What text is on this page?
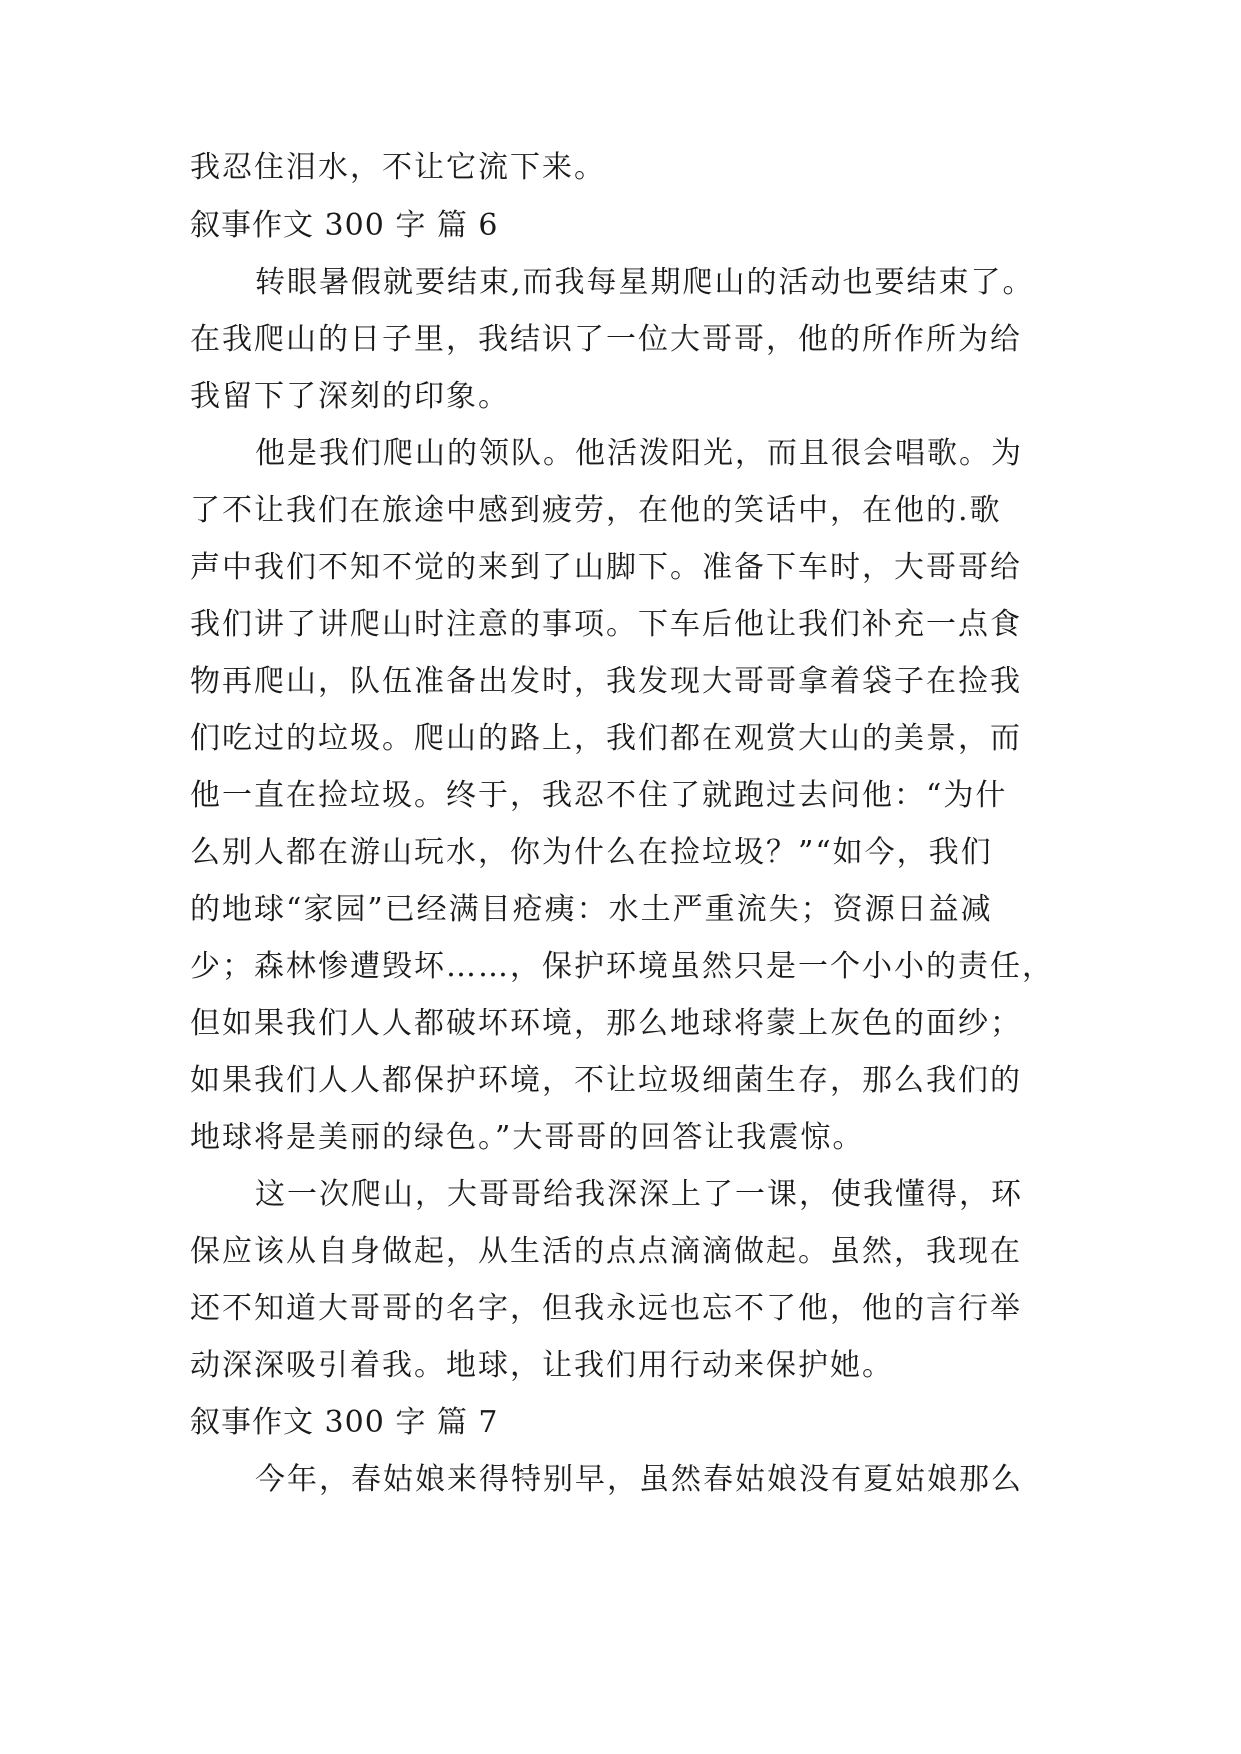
我忍住泪水，不让它流下来。
叙事作文 300 字 篇 6
转眼暑假就要结束,而我每星期爬山的活动也要结束了。
在我爬山的日子里，我结识了一位大哥哥，他的所作所为给
我留下了深刻的印象。
他是我们爬山的领队。他活泼阳光，而且很会唱歌。为
了不让我们在旅途中感到疲劳，在他的笑话中，在他的.歌
声中我们不知不觉的来到了山脚下。准备下车时，大哥哥给
我们讲了讲爬山时注意的事项。下车后他让我们补充一点食
物再爬山，队伍准备出发时，我发现大哥哥拿着袋子在捡我
们吃过的垃圾。爬山的路上，我们都在观赏大山的美景，而
他一直在捡垃圾。终于，我忍不住了就跑过去问他：“为什
么别人都在游山玩水，你为什么在捡垃圾？”“如今，我们
的地球“家园”已经满目疮痍：水土严重流失；资源日益减
少；森林惨遭毁坏……，保护环境虽然只是一个小小的责任，
但如果我们人人都破坏环境，那么地球将蒙上灰色的面纱；
如果我们人人都保护环境，不让垃圾细菌生存，那么我们的
地球将是美丽的绿色。”大哥哥的回答让我震惊。
这一次爬山，大哥哥给我深深上了一课，使我懂得，环
保应该从自身做起，从生活的点点滴滴做起。虽然，我现在
还不知道大哥哥的名字，但我永远也忘不了他，他的言行举
动深深吸引着我。地球，让我们用行动来保护她。
叙事作文 300 字 篇 7
今年，春姑娘来得特别早，虽然春姑娘没有夏姑娘那么
